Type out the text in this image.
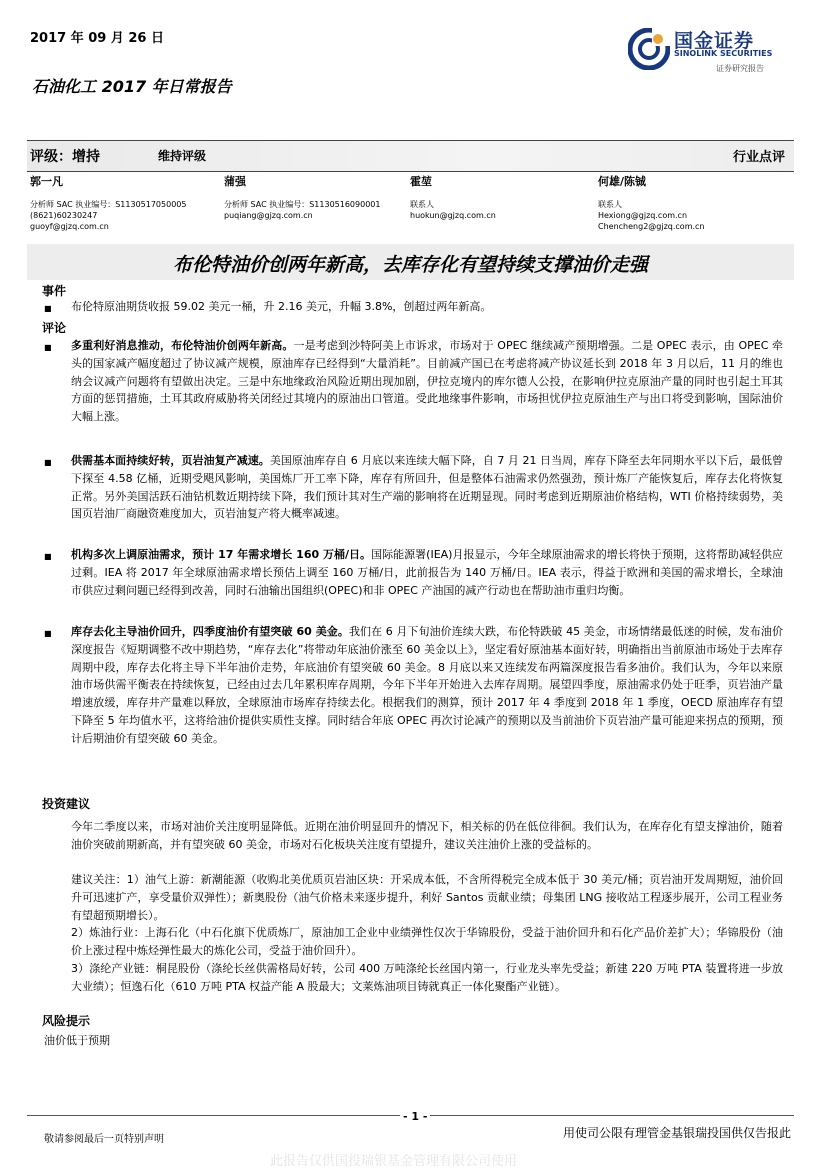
2017 年 09 月 26 日	国金证券
SINOLINK SECURITIES
证券研究报告
石油化工 2017 年日常报告
评级：增持	维持评级	行业点评
郭一凡
分析师 SAC 执业编号：S1130517050005
(8621)60230247
guoyf@gjzq.com.cn
蒲强
分析师 SAC 执业编号：S1130516090001
puqiang@gjzq.com.cn
霍堃
联系人
huokun@gjzq.com.cn
何雄/陈铖
联系人
Hexiong@gjzq.com.cn
Chencheng2@gjzq.com.cn
布伦特油价创两年新高，去库存化有望持续支撑油价走强
事件
■ 布伦特原油期货收报 59.02 美元一桶，升 2.16 美元，升幅 3.8%，创超过两年新高。
评论
■ 多重利好消息推动，布伦特油价创两年新高。一是考虑到沙特阿美上市诉求，市场对于 OPEC 继续减产预期增强。二是 OPEC 表示，由 OPEC 牵头的国家减产幅度超过了协议减产规模，原油库存已经得到“大量消耗”。目前减产国已在考虑将减产协议延长到 2018 年 3 月以后，11 月的维也纳会议减产问题将有望做出决定。三是中东地缘政治风险近期出现加剧，伊拉克境内的库尔德人公投，在影响伊拉克原油产量的同时也引起土耳其方面的惩罚措施，土耳其政府威胁将关闭经过其境内的原油出口管道。受此地缘事件影响，市场担忧伊拉克原油生产与出口将受到影响，国际油价大幅上涨。
■ 供需基本面持续好转，页岩油复产减速。美国原油库存自 6 月底以来连续大幅下降，自 7 月 21 日当周，库存下降至去年同期水平以下后，最低曾下探至 4.58 亿桶，近期受飓风影响，美国炼厂开工率下降，库存有所回升，但是整体石油需求仍然强劲，预计炼厂产能恢复后，库存去化将恢复正常。另外美国活跃石油钻机数近期持续下降，我们预计其对生产端的影响将在近期显现。同时考虑到近期原油价格结构，WTI 价格持续弱势，美国页岩油厂商融资难度加大，页岩油复产将大概率减速。
■ 机构多次上调原油需求，预计 17 年需求增长 160 万桶/日。国际能源署(IEA)月报显示，今年全球原油需求的增长将快于预期，这将帮助减轻供应过剩。IEA 将 2017 年全球原油需求增长预估上调至 160 万桶/日，此前报告为 140 万桶/日。IEA 表示，得益于欧洲和美国的需求增长，全球油市供应过剩问题已经得到改善，同时石油输出国组织(OPEC)和非 OPEC 产油国的减产行动也在帮助油市重归均衡。
■ 库存去化主导油价回升，四季度油价有望突破 60 美金。我们在 6 月下旬油价连续大跌，布伦特跌破 45 美金，市场情绪最低迷的时候，发布油价深度报告《短期调整不改中期趋势，“库存去化”将带动年底油价涨至 60 美金以上》，坚定看好原油基本面好转，明确指出当前原油市场处于去库存周期中段，库存去化将主导下半年油价走势，年底油价有望突破 60 美金。8 月底以来又连续发布两篇深度报告看多油价。我们认为，今年以来原油市场供需平衡表在持续恢复，已经由过去几年累积库存周期，今年下半年开始进入去库存周期。展望四季度，原油需求仍处于旺季，页岩油产量增速放缓，库存井产量难以释放，全球原油市场库存持续去化。根据我们的测算，预计 2017 年 4 季度到 2018 年 1 季度，OECD 原油库存有望下降至 5 年均值水平，这将给油价提供实质性支撑。同时结合年底 OPEC 再次讨论减产的预期以及当前油价下页岩油产量可能迎来拐点的预期，预计后期油价有望突破 60 美金。
投资建议
今年二季度以来，市场对油价关注度明显降低。近期在油价明显回升的情况下，相关标的仍在低位徘徊。我们认为，在库存化有望支撑油价，随着油价突破前期新高，并有望突破 60 美金，市场对石化板块关注度有望提升，建议关注油价上涨的受益标的。
建议关注：1）油气上游：新潮能源（收购北美优质页岩油区块：开采成本低，不含所得税完全成本低于 30 美元/桶；页岩油开发周期短，油价回升可迅速扩产，享受量价双弹性）；新奥股份（油气价格未来逐步提升，利好 Santos 贡献业绩；母集团 LNG 接收站工程逐步展开，公司工程业务有望超预期增长）。
2）炼油行业：上海石化（中石化旗下优质炼厂，原油加工企业中业绩弹性仅次于华锦股份，受益于油价回升和石化产品价差扩大）；华锦股份（油价上涨过程中炼烃弹性最大的炼化公司，受益于油价回升）。
3）涤纶产业链：桐昆股份（涤纶长丝供需格局好转，公司 400 万吨涤纶长丝国内第一，行业龙头率先受益；新建 220 万吨 PTA 装置将进一步放大业绩）；恒逸石化（610 万吨 PTA 权益产能 A 股最大；文莱炼油项目铸就真正一体化聚酯产业链）。
风险提示
油价低于预期
- 1 -
敬请参阅最后一页特别声明	用使司公限有理管金基银瑞投国供仅告报此
此报告仅供国投瑞银基金管理有限公司使用
